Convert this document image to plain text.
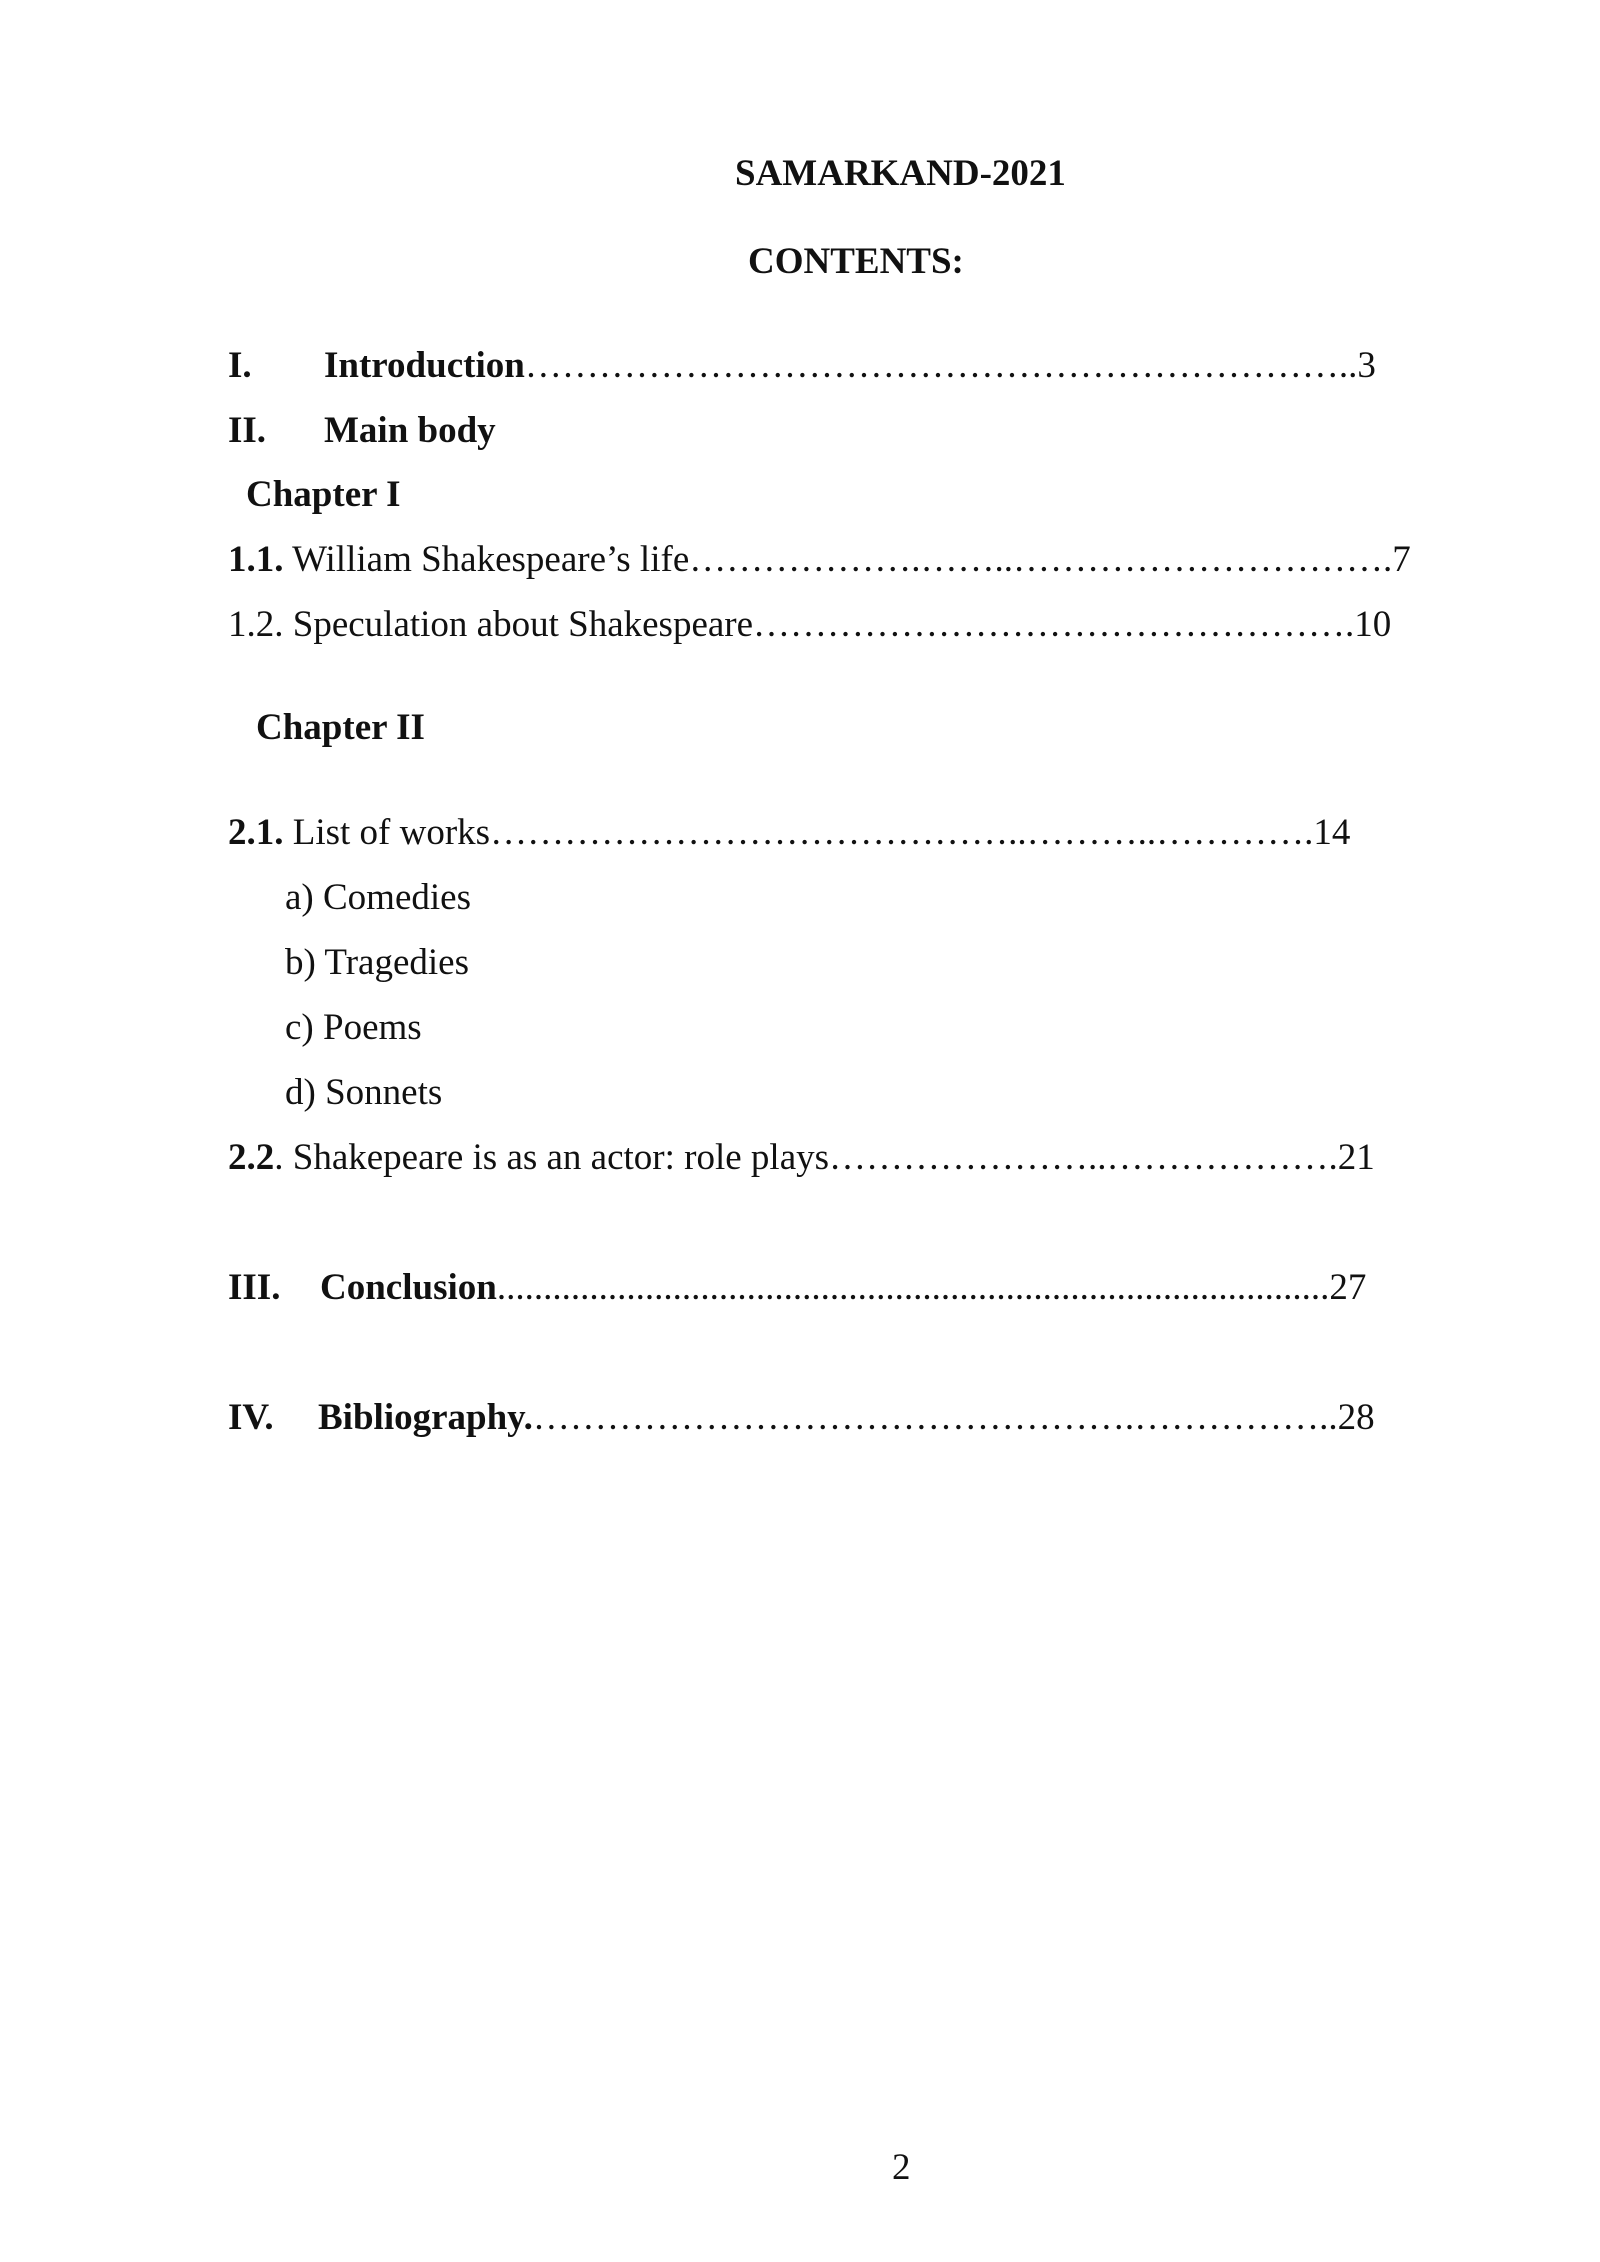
SAMARKAND-2021
CONTENTS:
I. Introduction…………………………………………………………..3
II. Main body
Chapter I
1.1. William Shakespeare’s life……………….……..………………………….7
1.2. Speculation about Shakespeare………………………………………….10
Chapter II
2.1. List of works……………………………………..………..………….14
a) Comedies
b) Tragedies
c) Poems
d) Sonnets
2.2. Shakepeare is as an actor: role plays…………………..……………….21
III. Conclusion..........................................................................................27
IV. Bibliography.………………………………………….……………..28
2
